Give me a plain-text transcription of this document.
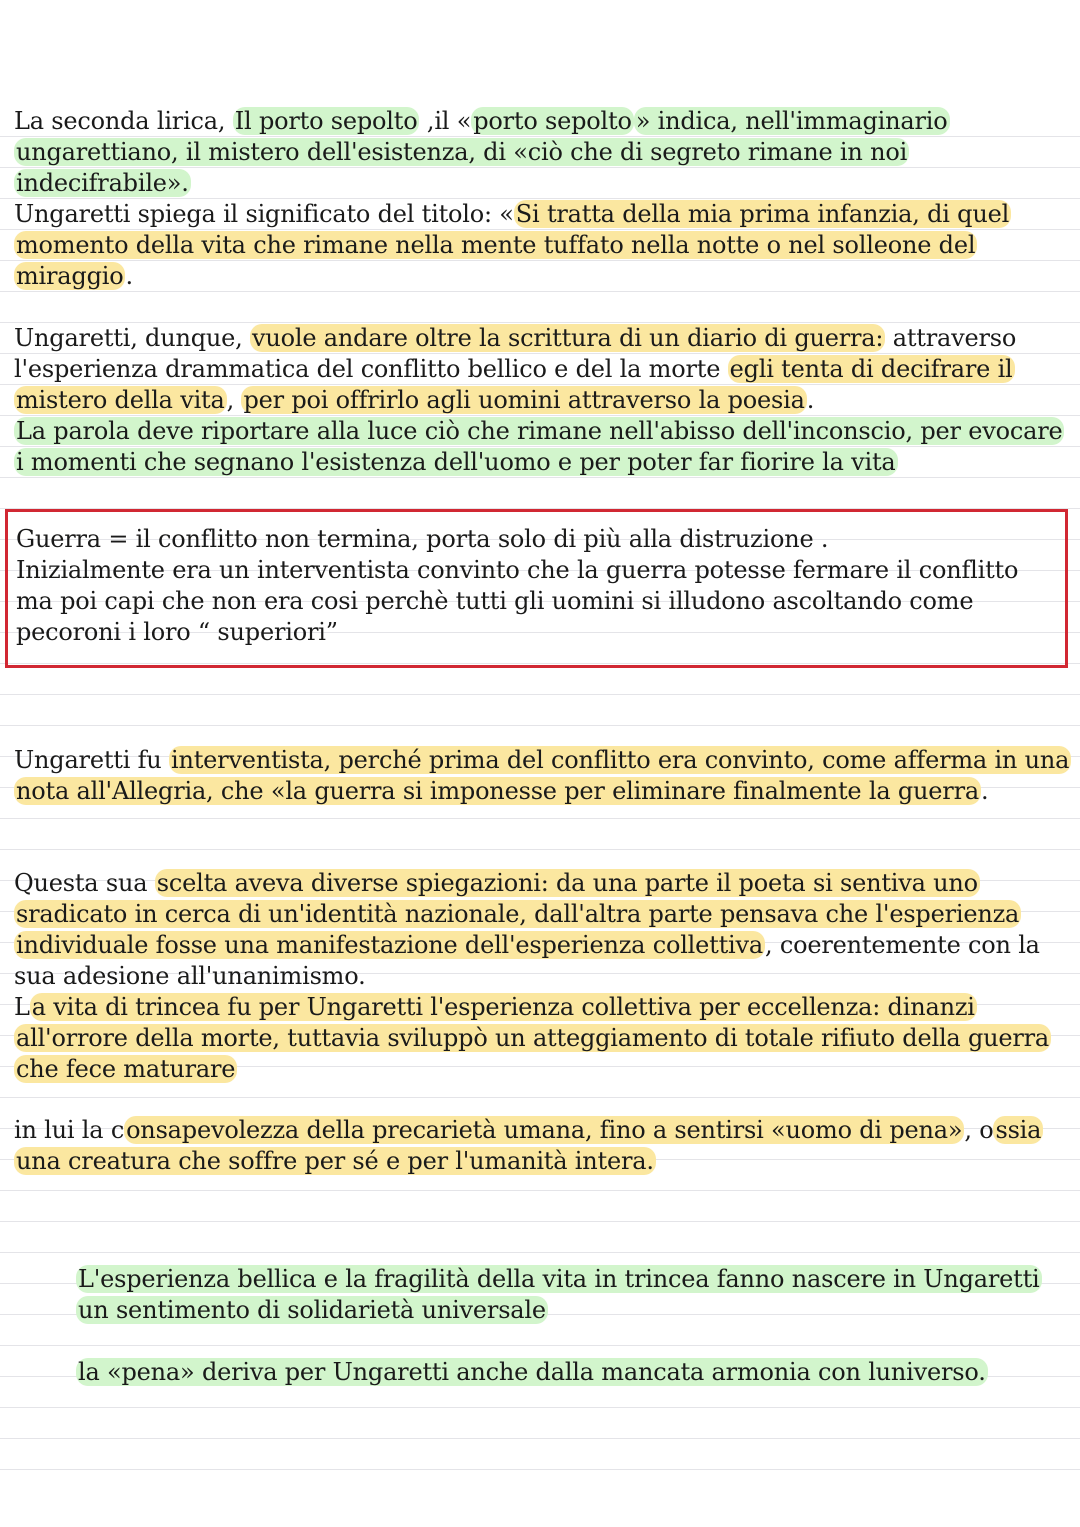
La seconda lirica, Il porto sepolto ,il «porto sepolto » indica, nell'immaginario ungarettiano, il mistero dell'esistenza, di «ciò che di segreto rimane in noi indecifrabile».

Ungaretti spiega il significato del titolo: «Si tratta della mia prima infanzia, di quel momento della vita che rimane nella mente tuffato nella notte o nel solleone del miraggio.

Ungaretti, dunque, vuole andare oltre la scrittura di un diario di guerra: attraverso l'esperienza drammatica del conflitto bellico e del la morte egli tenta di decifrare il mistero della vita, per poi offrirlo agli uomini attraverso la poesia.

La parola deve riportare alla luce ciò che rimane nell'abisso dell'inconscio, per evocare i momenti che segnano l'esistenza dell'uomo e per poter far fiorire la vita

Guerra = il conflitto non termina, porta solo di più alla distruzione .
Inizialmente era un interventista convinto che la guerra potesse fermare il conflitto
ma poi capi che non era cosi perchè tutti gli uomini si illudono ascoltando come
pecoroni i loro “ superiori”

Ungaretti fu interventista, perché prima del conflitto era convinto, come afferma in una nota all'Allegria, che «la guerra si imponesse per eliminare finalmente la guerra.

Questa sua scelta aveva diverse spiegazioni: da una parte il poeta si sentiva uno sradicato in cerca di un'identità nazionale, dall'altra parte pensava che l'esperienza individuale fosse una manifestazione dell'esperienza collettiva, coerentemente con la sua adesione all'unanimismo.

La vita di trincea fu per Ungaretti l'esperienza collettiva per eccellenza: dinanzi all'orrore della morte, tuttavia sviluppò un atteggiamento di totale rifiuto della guerra che fece maturare

in lui la consapevolezza della precarietà umana, fino a sentirsi «uomo di pena», ossia una creatura che soffre per sé e per l'umanità intera.

L'esperienza bellica e la fragilità della vita in trincea fanno nascere in Ungaretti un sentimento di solidarietà universale

la «pena» deriva per Ungaretti anche dalla mancata armonia con luniverso.
